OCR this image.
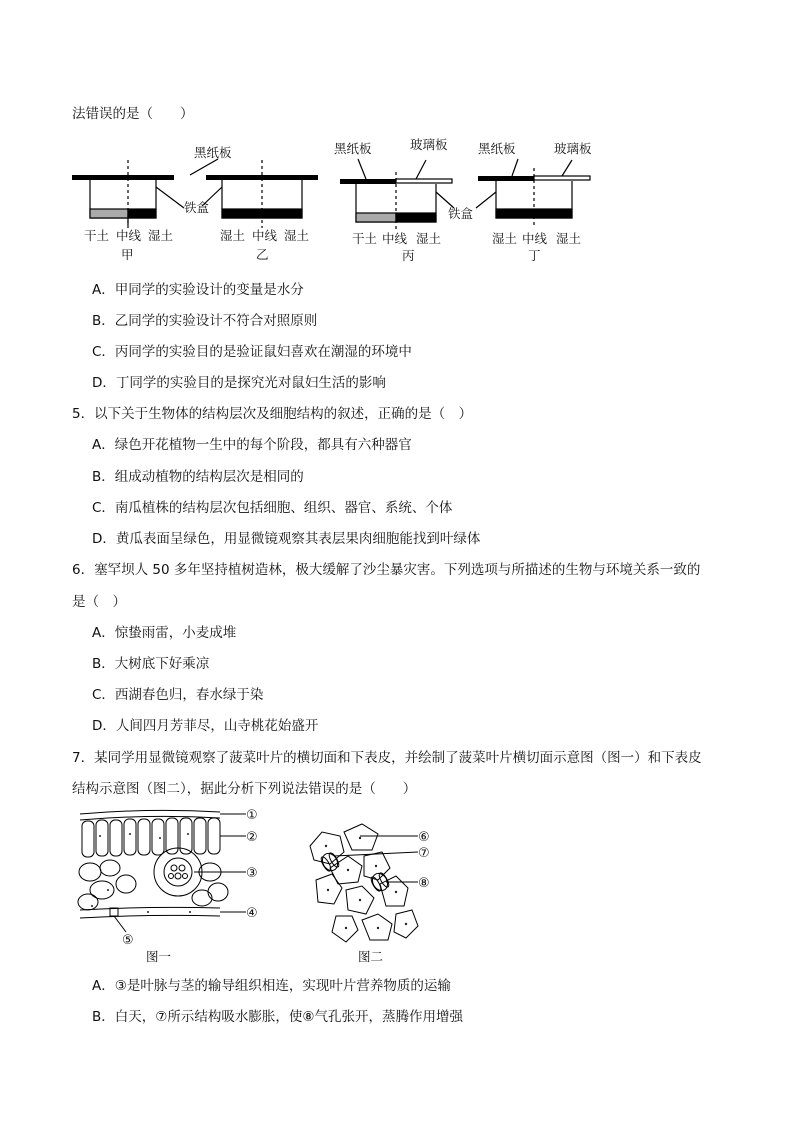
法错误的是（　　）
黑纸板	黑纸板	玻璃板 黑纸板	玻璃板
铁盒	铁盒
干土 中线 湿土
甲
湿土 中线 湿土
乙
干土 中线 湿土
丙
湿土 中线 湿土
丁
A．甲同学的实验设计的变量是水分
B．乙同学的实验设计不符合对照原则
C．丙同学的实验目的是验证鼠妇喜欢在潮湿的环境中
D．丁同学的实验目的是探究光对鼠妇生活的影响
5．以下关于生物体的结构层次及细胞结构的叙述，正确的是（　）
A．绿色开花植物一生中的每个阶段，都具有六种器官
B．组成动植物的结构层次是相同的
C．南瓜植株的结构层次包括细胞、组织、器官、系统、个体
D．黄瓜表面呈绿色，用显微镜观察其表层果肉细胞能找到叶绿体
6．塞罕坝人 50 多年坚持植树造林，极大缓解了沙尘暴灾害。下列选项与所描述的生物与环境关系一致的
是（　）
A．惊蛰雨雷，小麦成堆
B．大树底下好乘凉
C．西湖春色归，春水绿于染
D．人间四月芳菲尽，山寺桃花始盛开
7．某同学用显微镜观察了菠菜叶片的横切面和下表皮，并绘制了菠菜叶片横切面示意图（图一）和下表皮
结构示意图（图二），据此分析下列说法错误的是（　　）
①
②
③
④
⑤
图一
⑥
⑦
⑧
图二
A．③是叶脉与茎的输导组织相连，实现叶片营养物质的运输
B．白天，⑦所示结构吸水膨胀，使⑧气孔张开，蒸腾作用增强
